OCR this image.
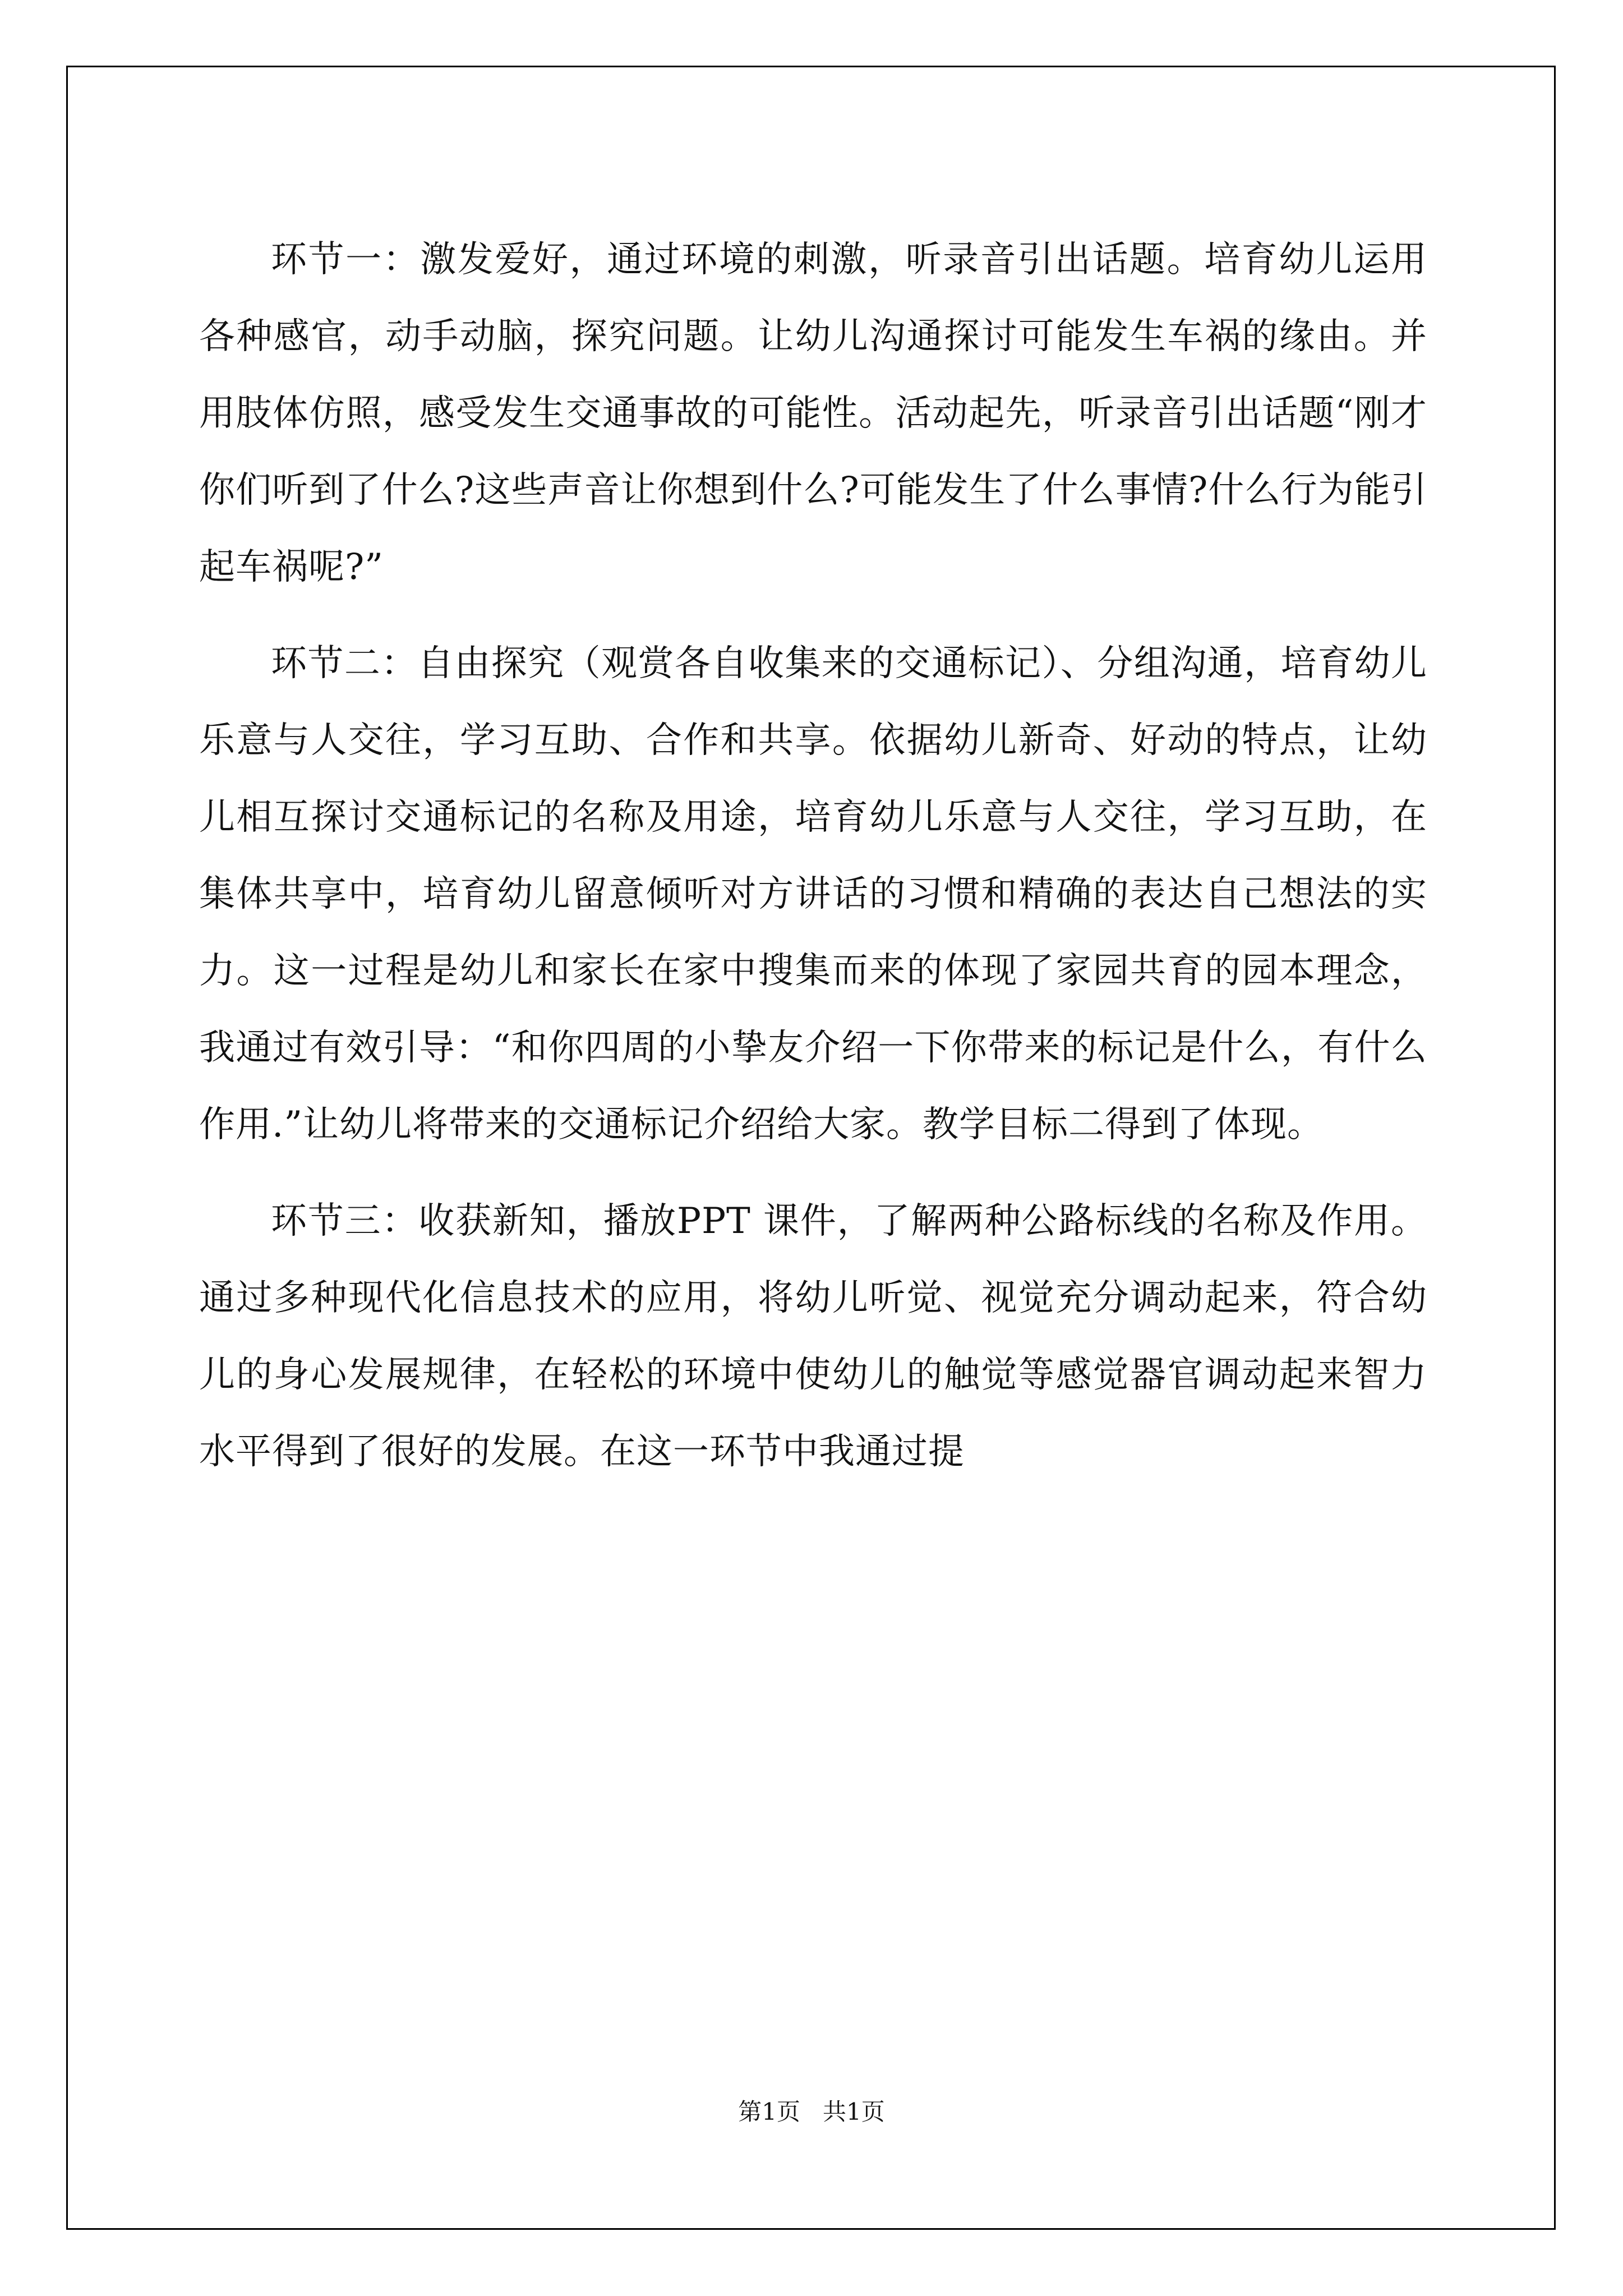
环节一：激发爱好，通过环境的刺激，听录音引出话题。培育幼儿运用各种感官，动手动脑，探究问题。让幼儿沟通探讨可能发生车祸的缘由。并用肢体仿照，感受发生交通事故的可能性。活动起先，听录音引出话题“刚才你们听到了什么?这些声音让你想到什么?可能发生了什么事情?什么行为能引起车祸呢?”

环节二：自由探究（观赏各自收集来的交通标记）、分组沟通，培育幼儿乐意与人交往，学习互助、合作和共享。依据幼儿新奇、好动的特点，让幼儿相互探讨交通标记的名称及用途，培育幼儿乐意与人交往，学习互助，在集体共享中，培育幼儿留意倾听对方讲话的习惯和精确的表达自己想法的实力。这一过程是幼儿和家长在家中搜集而来的体现了家园共育的园本理念，我通过有效引导：“和你四周的小挚友介绍一下你带来的标记是什么，有什么作用.”让幼儿将带来的交通标记介绍给大家。教学目标二得到了体现。

环节三：收获新知，播放PPT 课件，了解两种公路标线的名称及作用。通过多种现代化信息技术的应用，将幼儿听觉、视觉充分调动起来，符合幼儿的身心发展规律，在轻松的环境中使幼儿的触觉等感觉器官调动起来智力水平得到了很好的发展。在这一环节中我通过提

第1页 共1页
